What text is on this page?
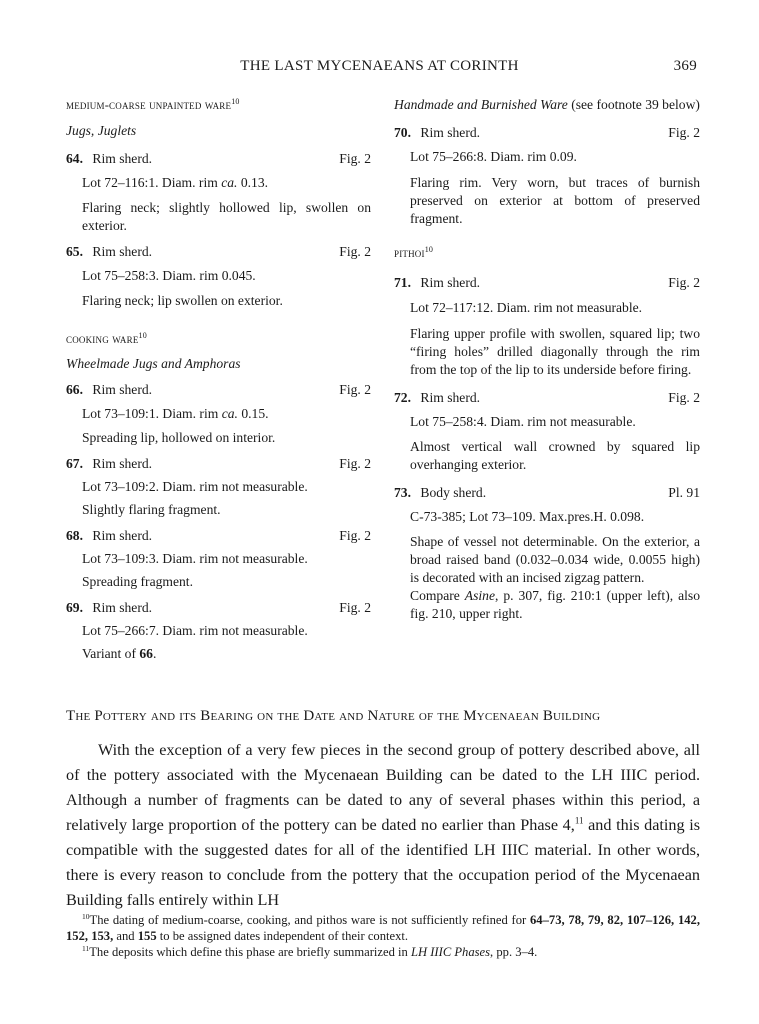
THE LAST MYCENAEANS AT CORINTH	369
medium-coarse unpainted ware$^{10}$
Jugs, Juglets
64. Rim sherd.	Fig. 2
Lot 72–116:1. Diam. rim ca. 0.13.
Flaring neck; slightly hollowed lip, swollen on exterior.
65. Rim sherd.	Fig. 2
Lot 75–258:3. Diam. rim 0.045.
Flaring neck; lip swollen on exterior.
cooking ware$^{10}$
Wheelmade Jugs and Amphoras
66. Rim sherd.	Fig. 2
Lot 73–109:1. Diam. rim ca. 0.15.
Spreading lip, hollowed on interior.
67. Rim sherd.	Fig. 2
Lot 73–109:2. Diam. rim not measurable.
Slightly flaring fragment.
68. Rim sherd.	Fig. 2
Lot 73–109:3. Diam. rim not measurable.
Spreading fragment.
69. Rim sherd.	Fig. 2
Lot 75–266:7. Diam. rim not measurable.
Variant of 66.
Handmade and Burnished Ware (see footnote 39 below)
70. Rim sherd.	Fig. 2
Lot 75–266:8. Diam. rim 0.09.
Flaring rim. Very worn, but traces of burnish preserved on exterior at bottom of preserved fragment.
pithoi$^{10}$
71. Rim sherd.	Fig. 2
Lot 72–117:12. Diam. rim not measurable.
Flaring upper profile with swollen, squared lip; two “firing holes” drilled diagonally through the rim from the top of the lip to its underside before firing.
72. Rim sherd.	Fig. 2
Lot 75–258:4. Diam. rim not measurable.
Almost vertical wall crowned by squared lip overhanging exterior.
73. Body sherd.	Pl. 91
C-73-385; Lot 73–109. Max.pres.H. 0.098.
Shape of vessel not determinable. On the exterior, a broad raised band (0.032–0.034 wide, 0.0055 high) is decorated with an incised zigzag pattern.
Compare Asine, p. 307, fig. 210:1 (upper left), also fig. 210, upper right.
The Pottery and its Bearing on the Date and Nature of the Mycenaean Building
With the exception of a very few pieces in the second group of pottery described above, all of the pottery associated with the Mycenaean Building can be dated to the LH IIIC period. Although a number of fragments can be dated to any of several phases within this period, a relatively large proportion of the pottery can be dated no earlier than Phase 4,11 and this dating is compatible with the suggested dates for all of the identified LH IIIC material. In other words, there is every reason to conclude from the pottery that the occupation period of the Mycenaean Building falls entirely within LH

$^{10}$The dating of medium-coarse, cooking, and pithos ware is not sufficiently refined for 64–73, 78, 79, 82, 107–126, 142, 152, 153, and 155 to be assigned dates independent of their context.

$^{11}$The deposits which define this phase are briefly summarized in LH IIIC Phases, pp. 3–4.
